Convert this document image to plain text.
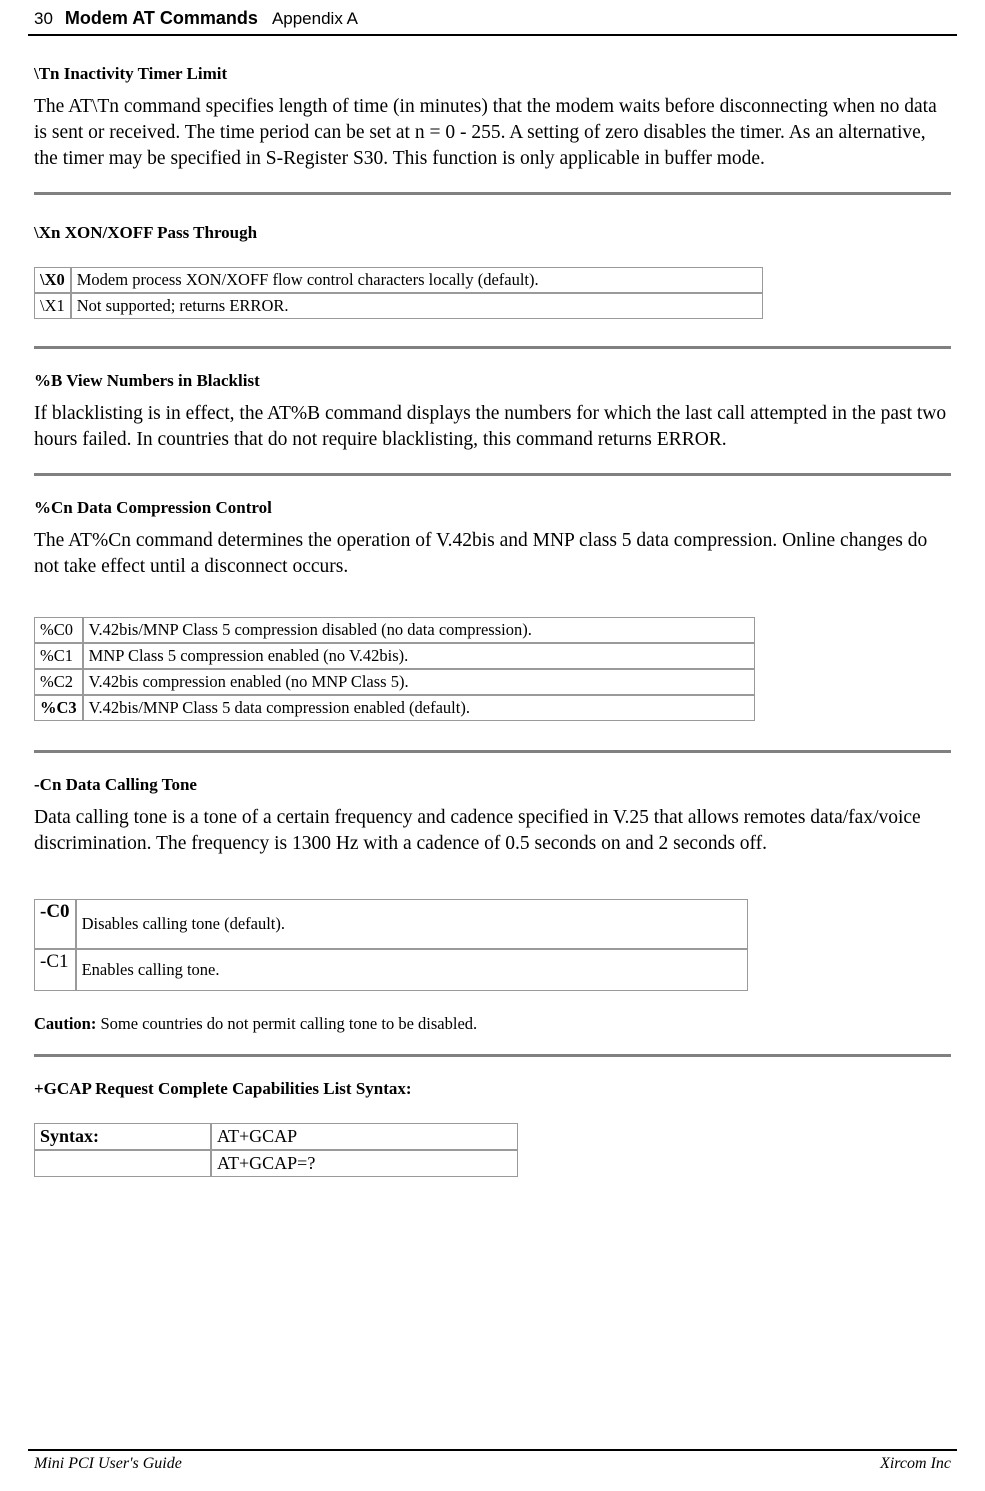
30 Modem AT Commands Appendix A
\Tn Inactivity Timer Limit

The AT\Tn command specifies length of time (in minutes) that the modem waits before disconnecting when no data is sent or received. The time period can be set at n = 0 - 255. A setting of zero disables the timer. As an alternative, the timer may be specified in S-Register S30. This function is only applicable in buffer mode.

\Xn XON/XOFF Pass Through
\X0	Modem process XON/XOFF flow control characters locally (default).
\X1	Not supported; returns ERROR.
%B View Numbers in Blacklist

If blacklisting is in effect, the AT%B command displays the numbers for which the last call attempted in the past two hours failed. In countries that do not require blacklisting, this command returns ERROR.

%Cn Data Compression Control

The AT%Cn command determines the operation of V.42bis and MNP class 5 data compression. Online changes do not take effect until a disconnect occurs.

%C0	V.42bis/MNP Class 5 compression disabled (no data compression).
%C1	MNP Class 5 compression enabled (no V.42bis).
%C2	V.42bis compression enabled (no MNP Class 5).
%C3	V.42bis/MNP Class 5 data compression enabled (default).
-Cn Data Calling Tone

Data calling tone is a tone of a certain frequency and cadence specified in V.25 that allows remotes data/fax/voice discrimination. The frequency is 1300 Hz with a cadence of 0.5 seconds on and 2 seconds off.

-C0	Disables calling tone (default).
-C1	Enables calling tone.
Caution: Some countries do not permit calling tone to be disabled.
+GCAP Request Complete Capabilities List Syntax:
Syntax:	AT+GCAP
	AT+GCAP=?
Mini PCI User's Guide	Xircom Inc
